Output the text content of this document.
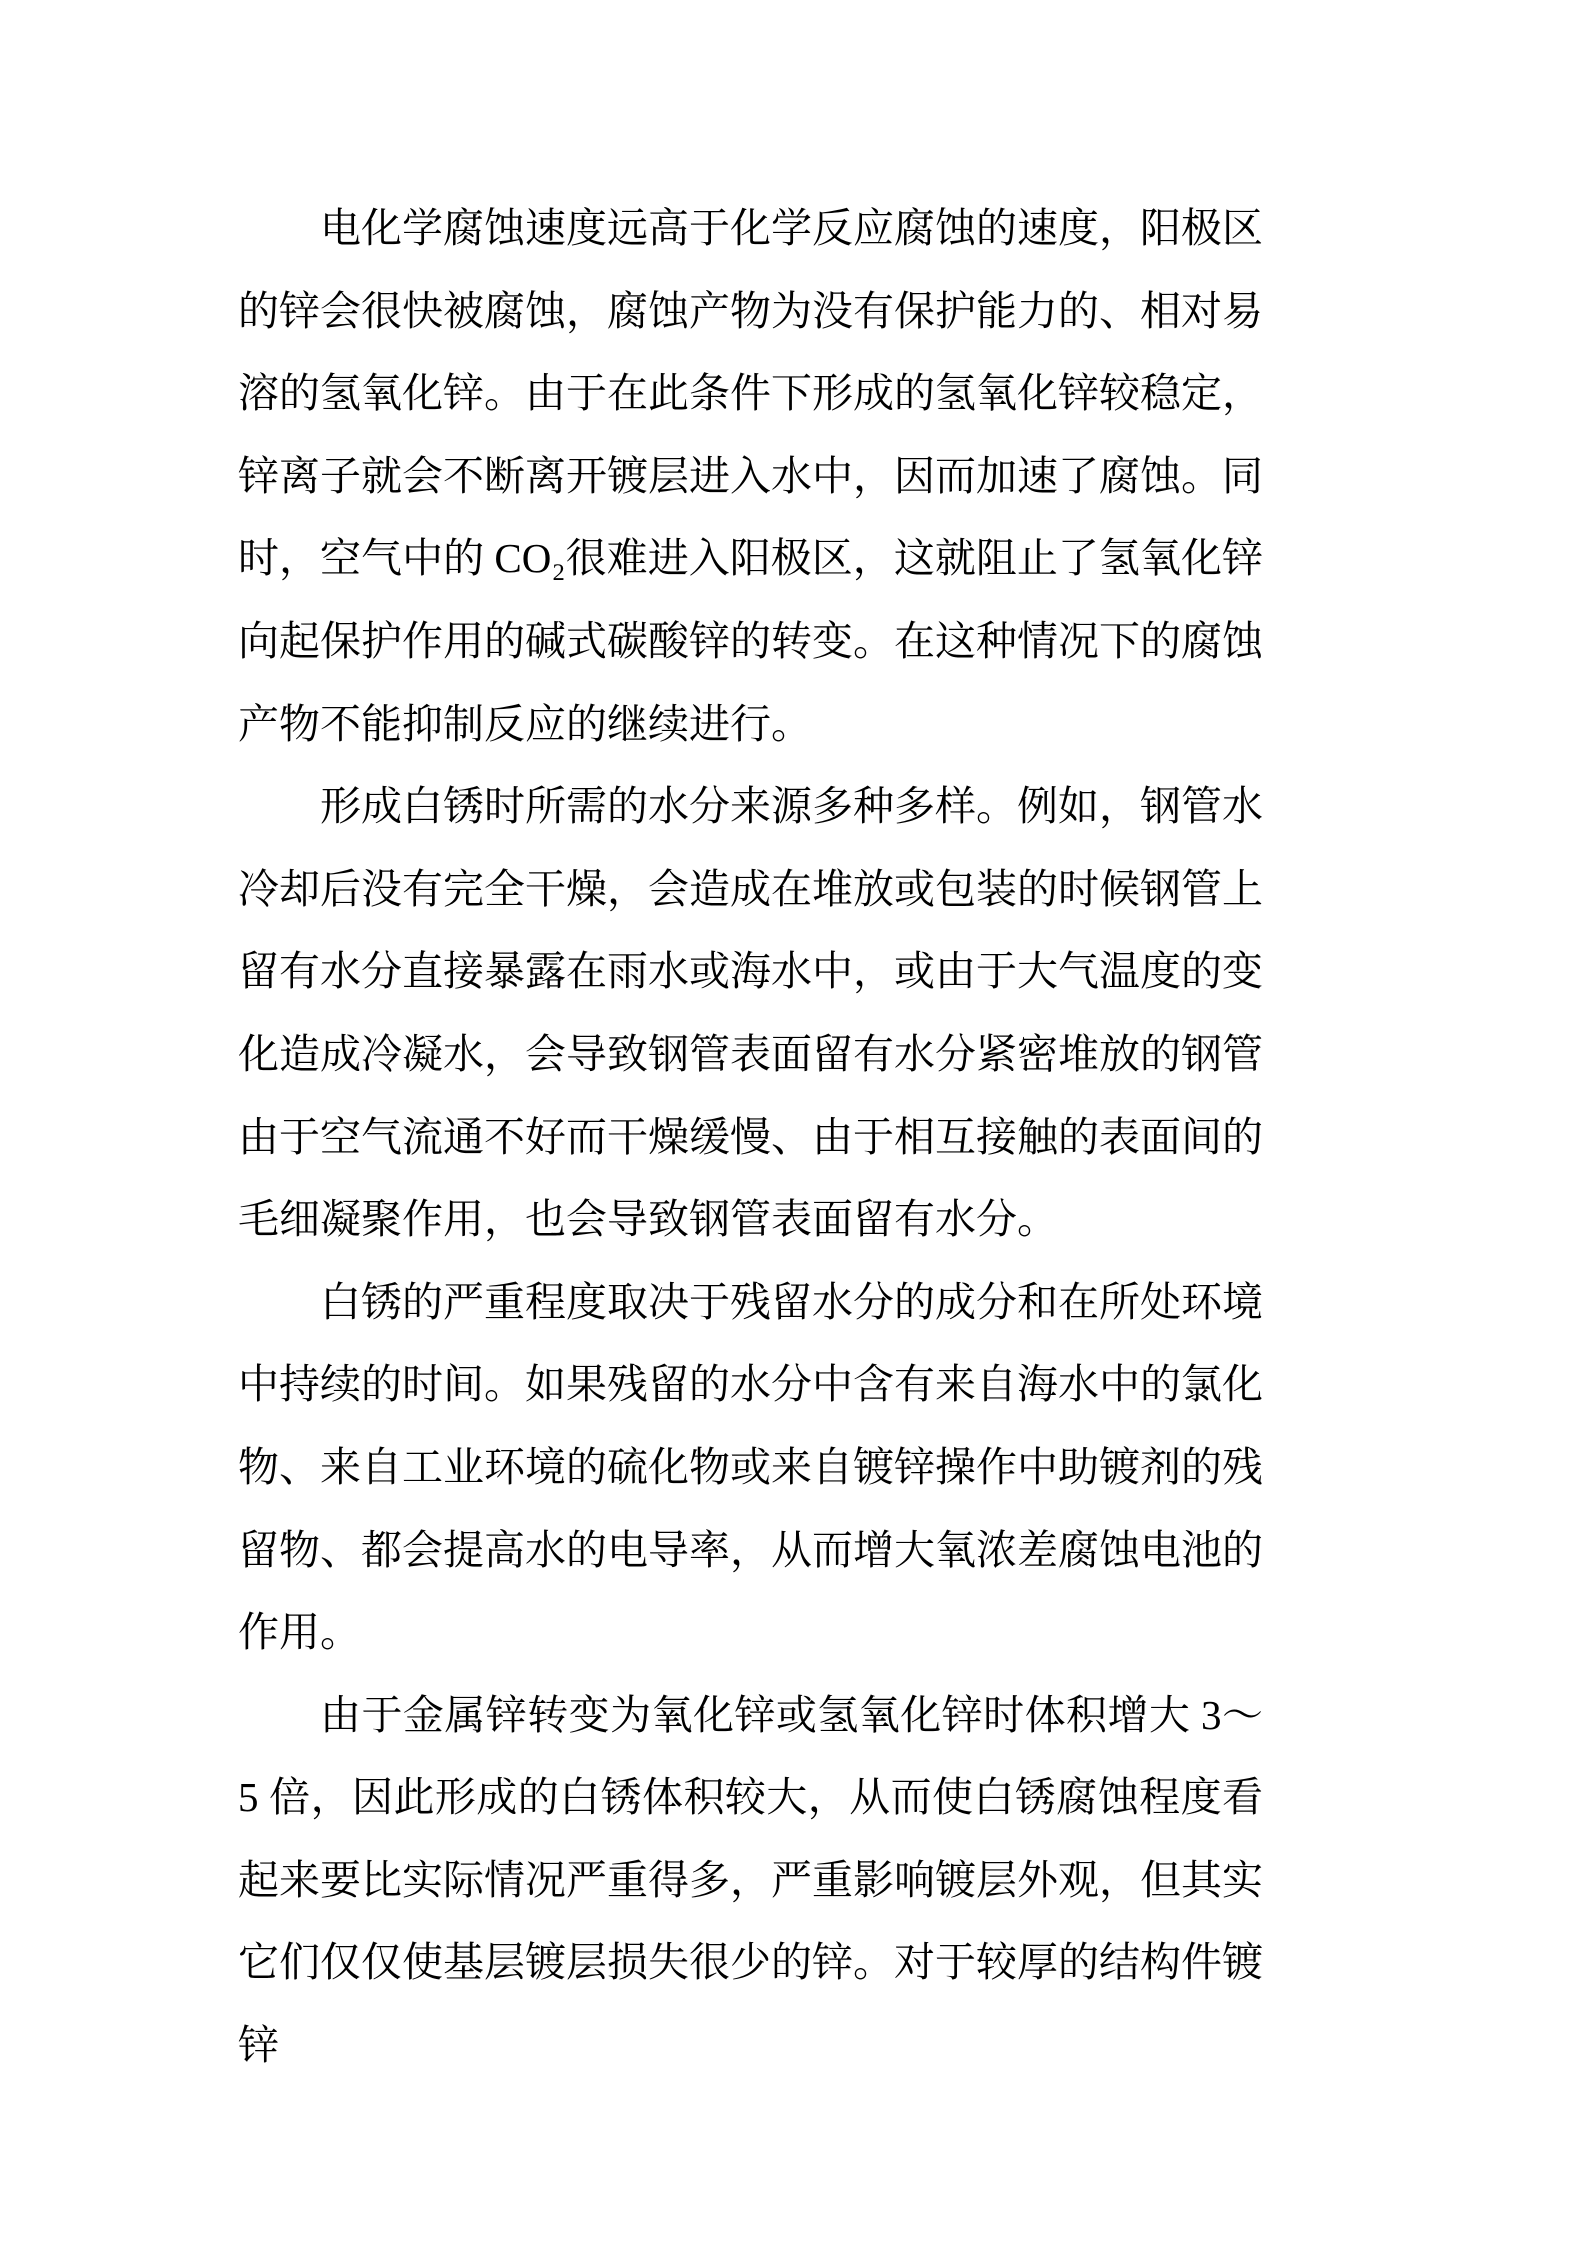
电化学腐蚀速度远高于化学反应腐蚀的速度，阳极区的锌会很快被腐蚀，腐蚀产物为没有保护能力的、相对易溶的氢氧化锌。由于在此条件下形成的氢氧化锌较稳定，锌离子就会不断离开镀层进入水中，因而加速了腐蚀。同时，空气中的 CO₂很难进入阳极区，这就阻止了氢氧化锌向起保护作用的碱式碳酸锌的转变。在这种情况下的腐蚀产物不能抑制反应的继续进行。

形成白锈时所需的水分来源多种多样。例如，钢管水冷却后没有完全干燥，会造成在堆放或包装的时候钢管上留有水分直接暴露在雨水或海水中，或由于大气温度的变化造成冷凝水，会导致钢管表面留有水分紧密堆放的钢管由于空气流通不好而干燥缓慢、由于相互接触的表面间的毛细凝聚作用，也会导致钢管表面留有水分。

白锈的严重程度取决于残留水分的成分和在所处环境中持续的时间。如果残留的水分中含有来自海水中的氯化物、来自工业环境的硫化物或来自镀锌操作中助镀剂的残留物、都会提高水的电导率，从而增大氧浓差腐蚀电池的作用。

由于金属锌转变为氧化锌或氢氧化锌时体积增大 3～5 倍，因此形成的白锈体积较大，从而使白锈腐蚀程度看起来要比实际情况严重得多，严重影响镀层外观，但其实它们仅仅使基层镀层损失很少的锌。对于较厚的结构件镀锌
